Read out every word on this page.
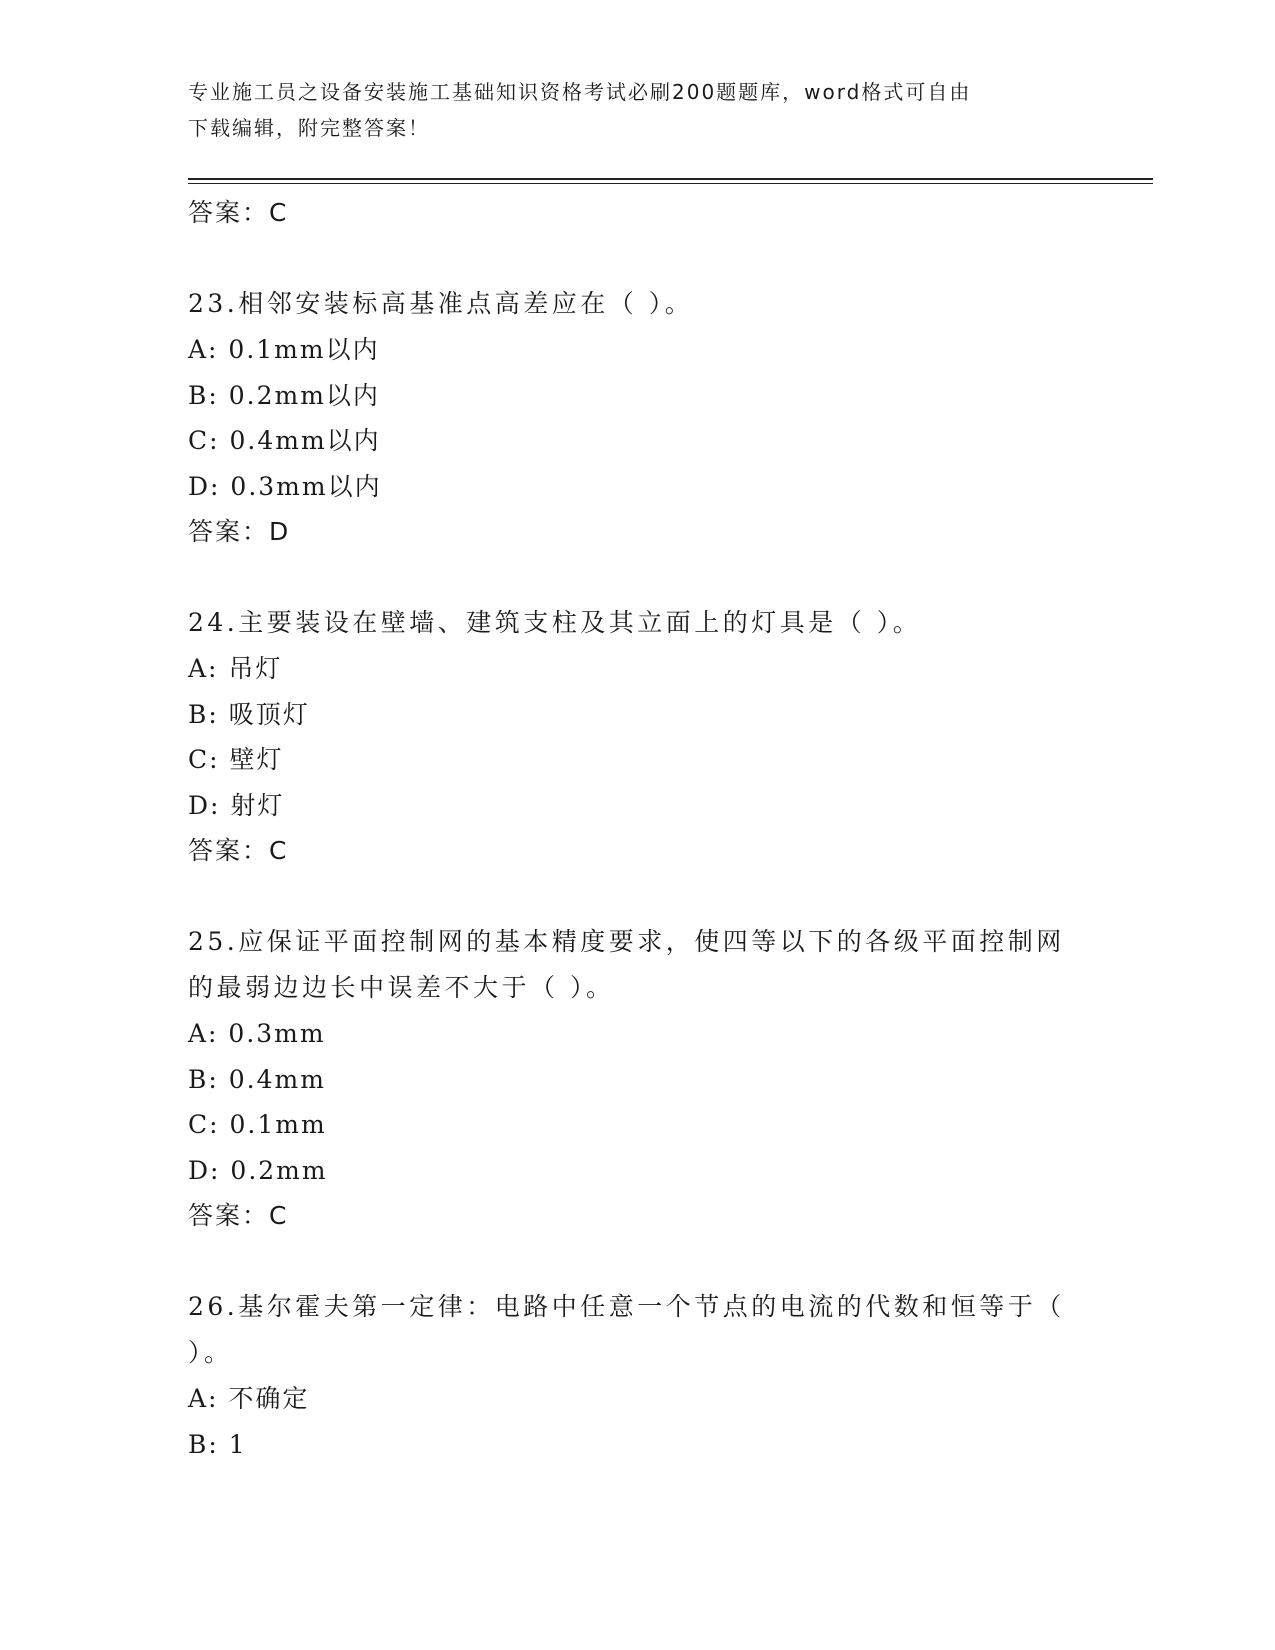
专业施工员之设备安装施工基础知识资格考试必刷200题题库，word格式可自由
下载编辑，附完整答案！
答案：C
23.相邻安装标高基准点高差应在（ ）。
A: 0.1mm以内
B: 0.2mm以内
C: 0.4mm以内
D: 0.3mm以内
答案：D
24.主要装设在壁墙、建筑支柱及其立面上的灯具是（ ）。
A: 吊灯
B: 吸顶灯
C: 壁灯
D: 射灯
答案：C
25.应保证平面控制网的基本精度要求，使四等以下的各级平面控制网
的最弱边边长中误差不大于（ ）。
A: 0.3mm
B: 0.4mm
C: 0.1mm
D: 0.2mm
答案：C
26.基尔霍夫第一定律：电路中任意一个节点的电流的代数和恒等于（
）。
A: 不确定
B: 1
